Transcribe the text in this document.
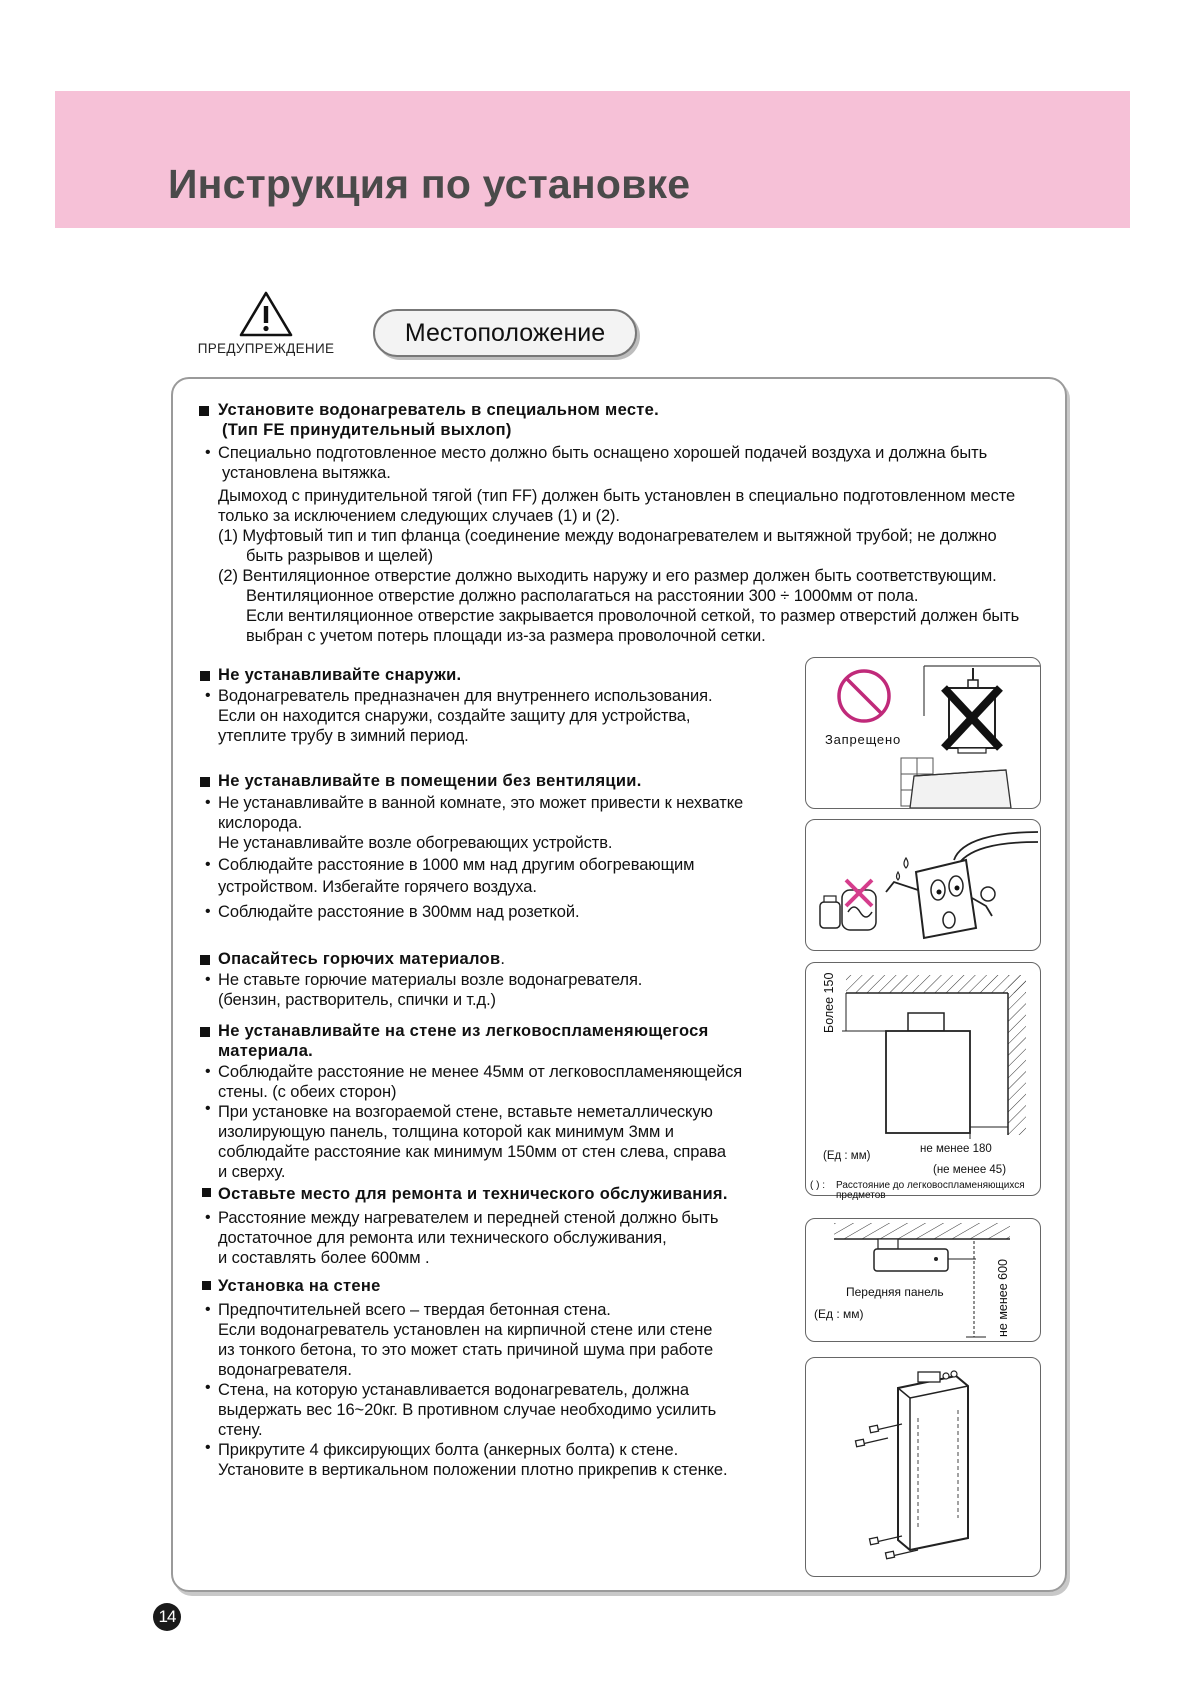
Инструкция по установке
ПРЕДУПРЕЖДЕНИЕ
Местоположение
Установите водонагреватель в специальном месте.
(Тип FE принудительный выхлоп)
• Специально подготовленное место должно быть оснащено хорошей подачей воздуха и должна быть
установлена вытяжка.
Дымоход с принудительной тягой (тип FF) должен быть установлен в специально подготовленном месте
только за исключением следующих случаев (1) и (2).
(1) Муфтовый тип и тип фланца (соединение между водонагревателем и вытяжной трубой; не должно
быть разрывов и щелей)
(2) Вентиляционное отверстие должно выходить наружу и его размер должен быть соответствующим.
Вентиляционное отверстие должно располагаться на расстоянии 300 ÷ 1000мм от пола.
Если вентиляционное отверстие закрывается проволочной сеткой, то размер отверстий должен быть
выбран с учетом потерь площади из-за размера проволочной сетки.
Не устанавливайте снаружи.
• Водонагреватель предназначен для внутреннего использования.
Если он находится снаружи, создайте защиту для устройства,
утеплите трубу в зимний период.
Не устанавливайте в помещении без вентиляции.
• Не устанавливайте в ванной комнате, это может привести к нехватке
кислорода.
Не устанавливайте возле обогревающих устройств.
• Соблюдайте расстояние в 1000 мм над другим обогревающим
устройством. Избегайте горячего воздуха.
• Соблюдайте расстояние в 300мм над розеткой.
Опасайтесь горючих материалов.
• Не ставьте горючие материалы возле водонагревателя.
(бензин, растворитель, спички и т.д.)
Не устанавливайте на стене из легковоспламеняющегося
материала.
• Соблюдайте расстояние не менее 45мм от легковоспламеняющейся
стены. (с обеих сторон)
• При установке на возгораемой стене, вставьте неметаллическую
изолирующую панель, толщина которой как минимум 3мм и
соблюдайте расстояние как минимум 150мм от стен слева, справа
и сверху.
Оставьте место для ремонта и технического обслуживания.
• Расстояние между нагревателем и передней стеной должно быть
достаточное для ремонта или технического обслуживания,
и составлять более 600мм .
Установка на стене
• Предпочтительней всего – твердая бетонная стена.
Если водонагреватель установлен на кирпичной стене или стене
из тонкого бетона, то это может стать причиной шума при работе
водонагревателя.
• Стена, на которую устанавливается водонагреватель, должна
выдержать вес 16~20кг. В противном случае необходимо усилить
стену.
• Прикрутите 4 фиксирующих болта (анкерных болта) к стене.
Установите в вертикальном положении плотно прикрепив к стенке.
Запрещено
Более 150
не менее 180
(Ед : мм)
(не менее 45)
( ) : Расстояние до легковоспламеняющихся
предметов
Передняя панель
(Ед : мм)	не менее 600
14
